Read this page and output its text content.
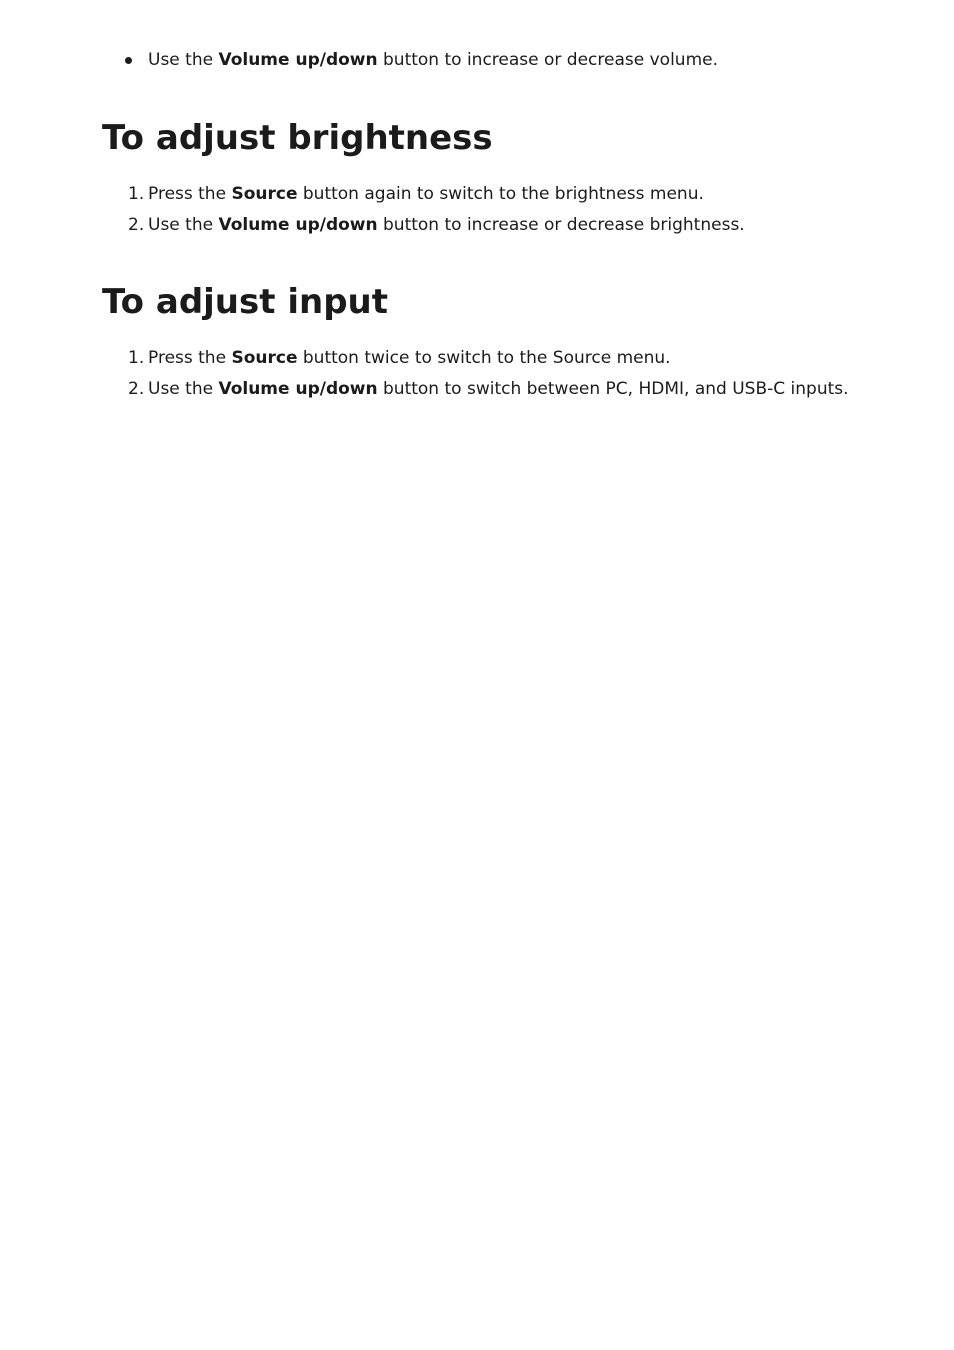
Use the Volume up/down button to increase or decrease volume.
To adjust brightness
1. Press the Source button again to switch to the brightness menu.
2. Use the Volume up/down button to increase or decrease brightness.
To adjust input
1. Press the Source button twice to switch to the Source menu.
2. Use the Volume up/down button to switch between PC, HDMI, and USB-C inputs.
